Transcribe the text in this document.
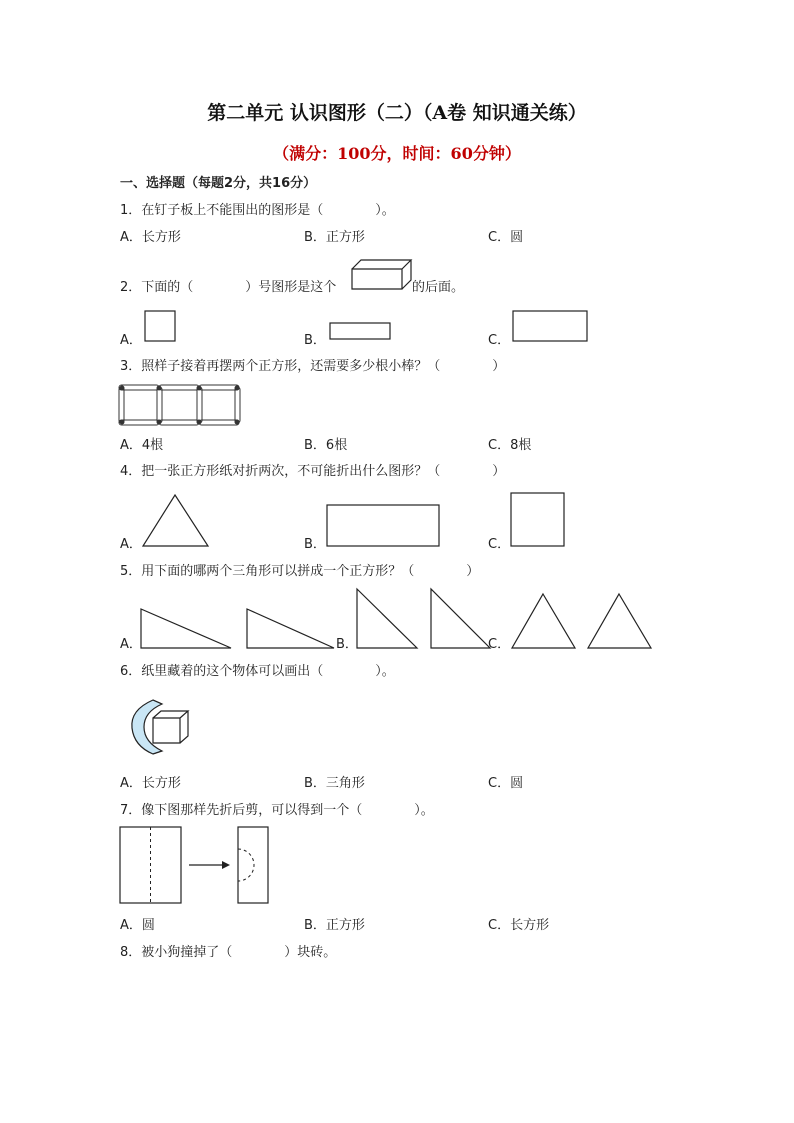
第二单元 认识图形（二）（A卷 知识通关练）
（满分：100分，时间：60分钟）
一、选择题（每题2分，共16分）
1．在钉子板上不能围出的图形是（　　　　）。
A．长方形	B．正方形	C．圆
2．下面的（　　　　）号图形是这个	的后面。
A．	B．	C．
3．照样子接着再摆两个正方形，还需要多少根小棒？（　　　　）
A．4根	B．6根	C．8根
4．把一张正方形纸对折两次，不可能折出什么图形？（　　　　）
A．	B．	C．
5．用下面的哪两个三角形可以拼成一个正方形？（　　　　）
A．	B．	C．
6．纸里藏着的这个物体可以画出（　　　　）。
A．长方形	B．三角形	C．圆
7．像下图那样先折后剪，可以得到一个（　　　　）。
A．圆	B．正方形	C．长方形
8．被小狗撞掉了（　　　　）块砖。
